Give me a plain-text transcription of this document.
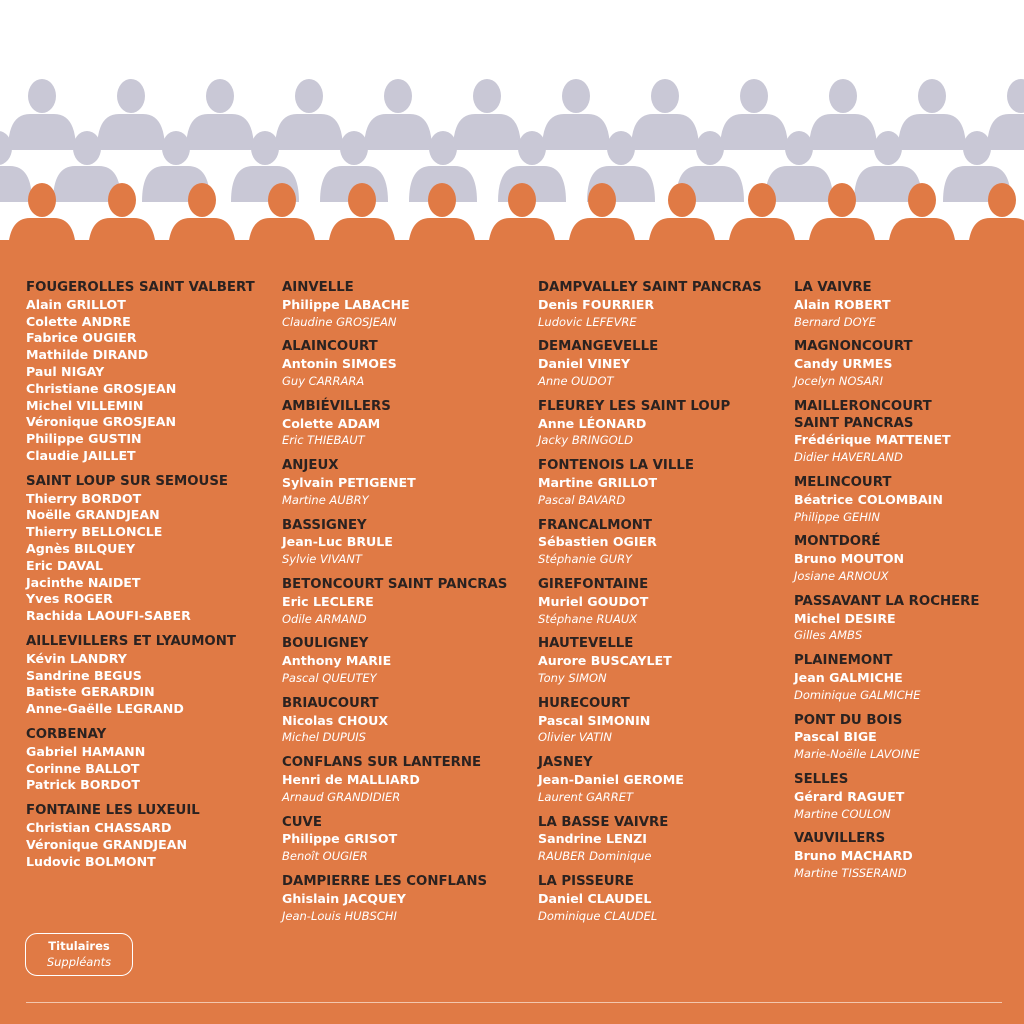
FOUGEROLLES SAINT VALBERT
Alain GRILLOT
Colette ANDRE
Fabrice OUGIER
Mathilde DIRAND
Paul NIGAY
Christiane GROSJEAN
Michel VILLEMIN
Véronique GROSJEAN
Philippe GUSTIN
Claudie JAILLET
SAINT LOUP SUR SEMOUSE
Thierry BORDOT
Noëlle GRANDJEAN
Thierry BELLONCLE
Agnès BILQUEY
Eric DAVAL
Jacinthe NAIDET
Yves ROGER
Rachida LAOUFI-SABER
AILLEVILLERS ET LYAUMONT
Kévin LANDRY
Sandrine BEGUS
Batiste GERARDIN
Anne-Gaëlle LEGRAND
CORBENAY
Gabriel HAMANN
Corinne BALLOT
Patrick BORDOT
FONTAINE LES LUXEUIL
Christian CHASSARD
Véronique GRANDJEAN
Ludovic BOLMONT
AINVELLE
Philippe LABACHE
Claudine GROSJEAN
ALAINCOURT
Antonin SIMOES
Guy CARRARA
AMBIÉVILLERS
Colette ADAM
Eric THIEBAUT
ANJEUX
Sylvain PETIGENET
Martine AUBRY
BASSIGNEY
Jean-Luc BRULE
Sylvie VIVANT
BETONCOURT SAINT PANCRAS
Eric LECLERE
Odile ARMAND
BOULIGNEY
Anthony MARIE
Pascal QUEUTEY
BRIAUCOURT
Nicolas CHOUX
Michel DUPUIS
CONFLANS SUR LANTERNE
Henri de MALLIARD
Arnaud GRANDIDIER
CUVE
Philippe GRISOT
Benoît OUGIER
DAMPIERRE LES CONFLANS
Ghislain JACQUEY
Jean-Louis HUBSCHI
DAMPVALLEY SAINT PANCRAS
Denis FOURRIER
Ludovic LEFEVRE
DEMANGEVELLE
Daniel VINEY
Anne OUDOT
FLEUREY LES SAINT LOUP
Anne LÉONARD
Jacky BRINGOLD
FONTENOIS LA VILLE
Martine GRILLOT
Pascal BAVARD
FRANCALMONT
Sébastien OGIER
Stéphanie GURY
GIREFONTAINE
Muriel GOUDOT
Stéphane RUAUX
HAUTEVELLE
Aurore BUSCAYLET
Tony SIMON
HURECOURT
Pascal SIMONIN
Olivier VATIN
JASNEY
Jean-Daniel GEROME
Laurent GARRET
LA BASSE VAIVRE
Sandrine LENZI
RAUBER Dominique
LA PISSEURE
Daniel CLAUDEL
Dominique CLAUDEL
LA VAIVRE
Alain ROBERT
Bernard DOYE
MAGNONCOURT
Candy URMES
Jocelyn NOSARI
MAILLERONCOURT
SAINT PANCRAS
Frédérique MATTENET
Didier HAVERLAND
MELINCOURT
Béatrice COLOMBAIN
Philippe GEHIN
MONTDORÉ
Bruno MOUTON
Josiane ARNOUX
PASSAVANT LA ROCHERE
Michel DESIRE
Gilles AMBS
PLAINEMONT
Jean GALMICHE
Dominique GALMICHE
PONT DU BOIS
Pascal BIGE
Marie-Noëlle LAVOINE
SELLES
Gérard RAGUET
Martine COULON
VAUVILLERS
Bruno MACHARD
Martine TISSERAND
Titulaires
Suppléants
